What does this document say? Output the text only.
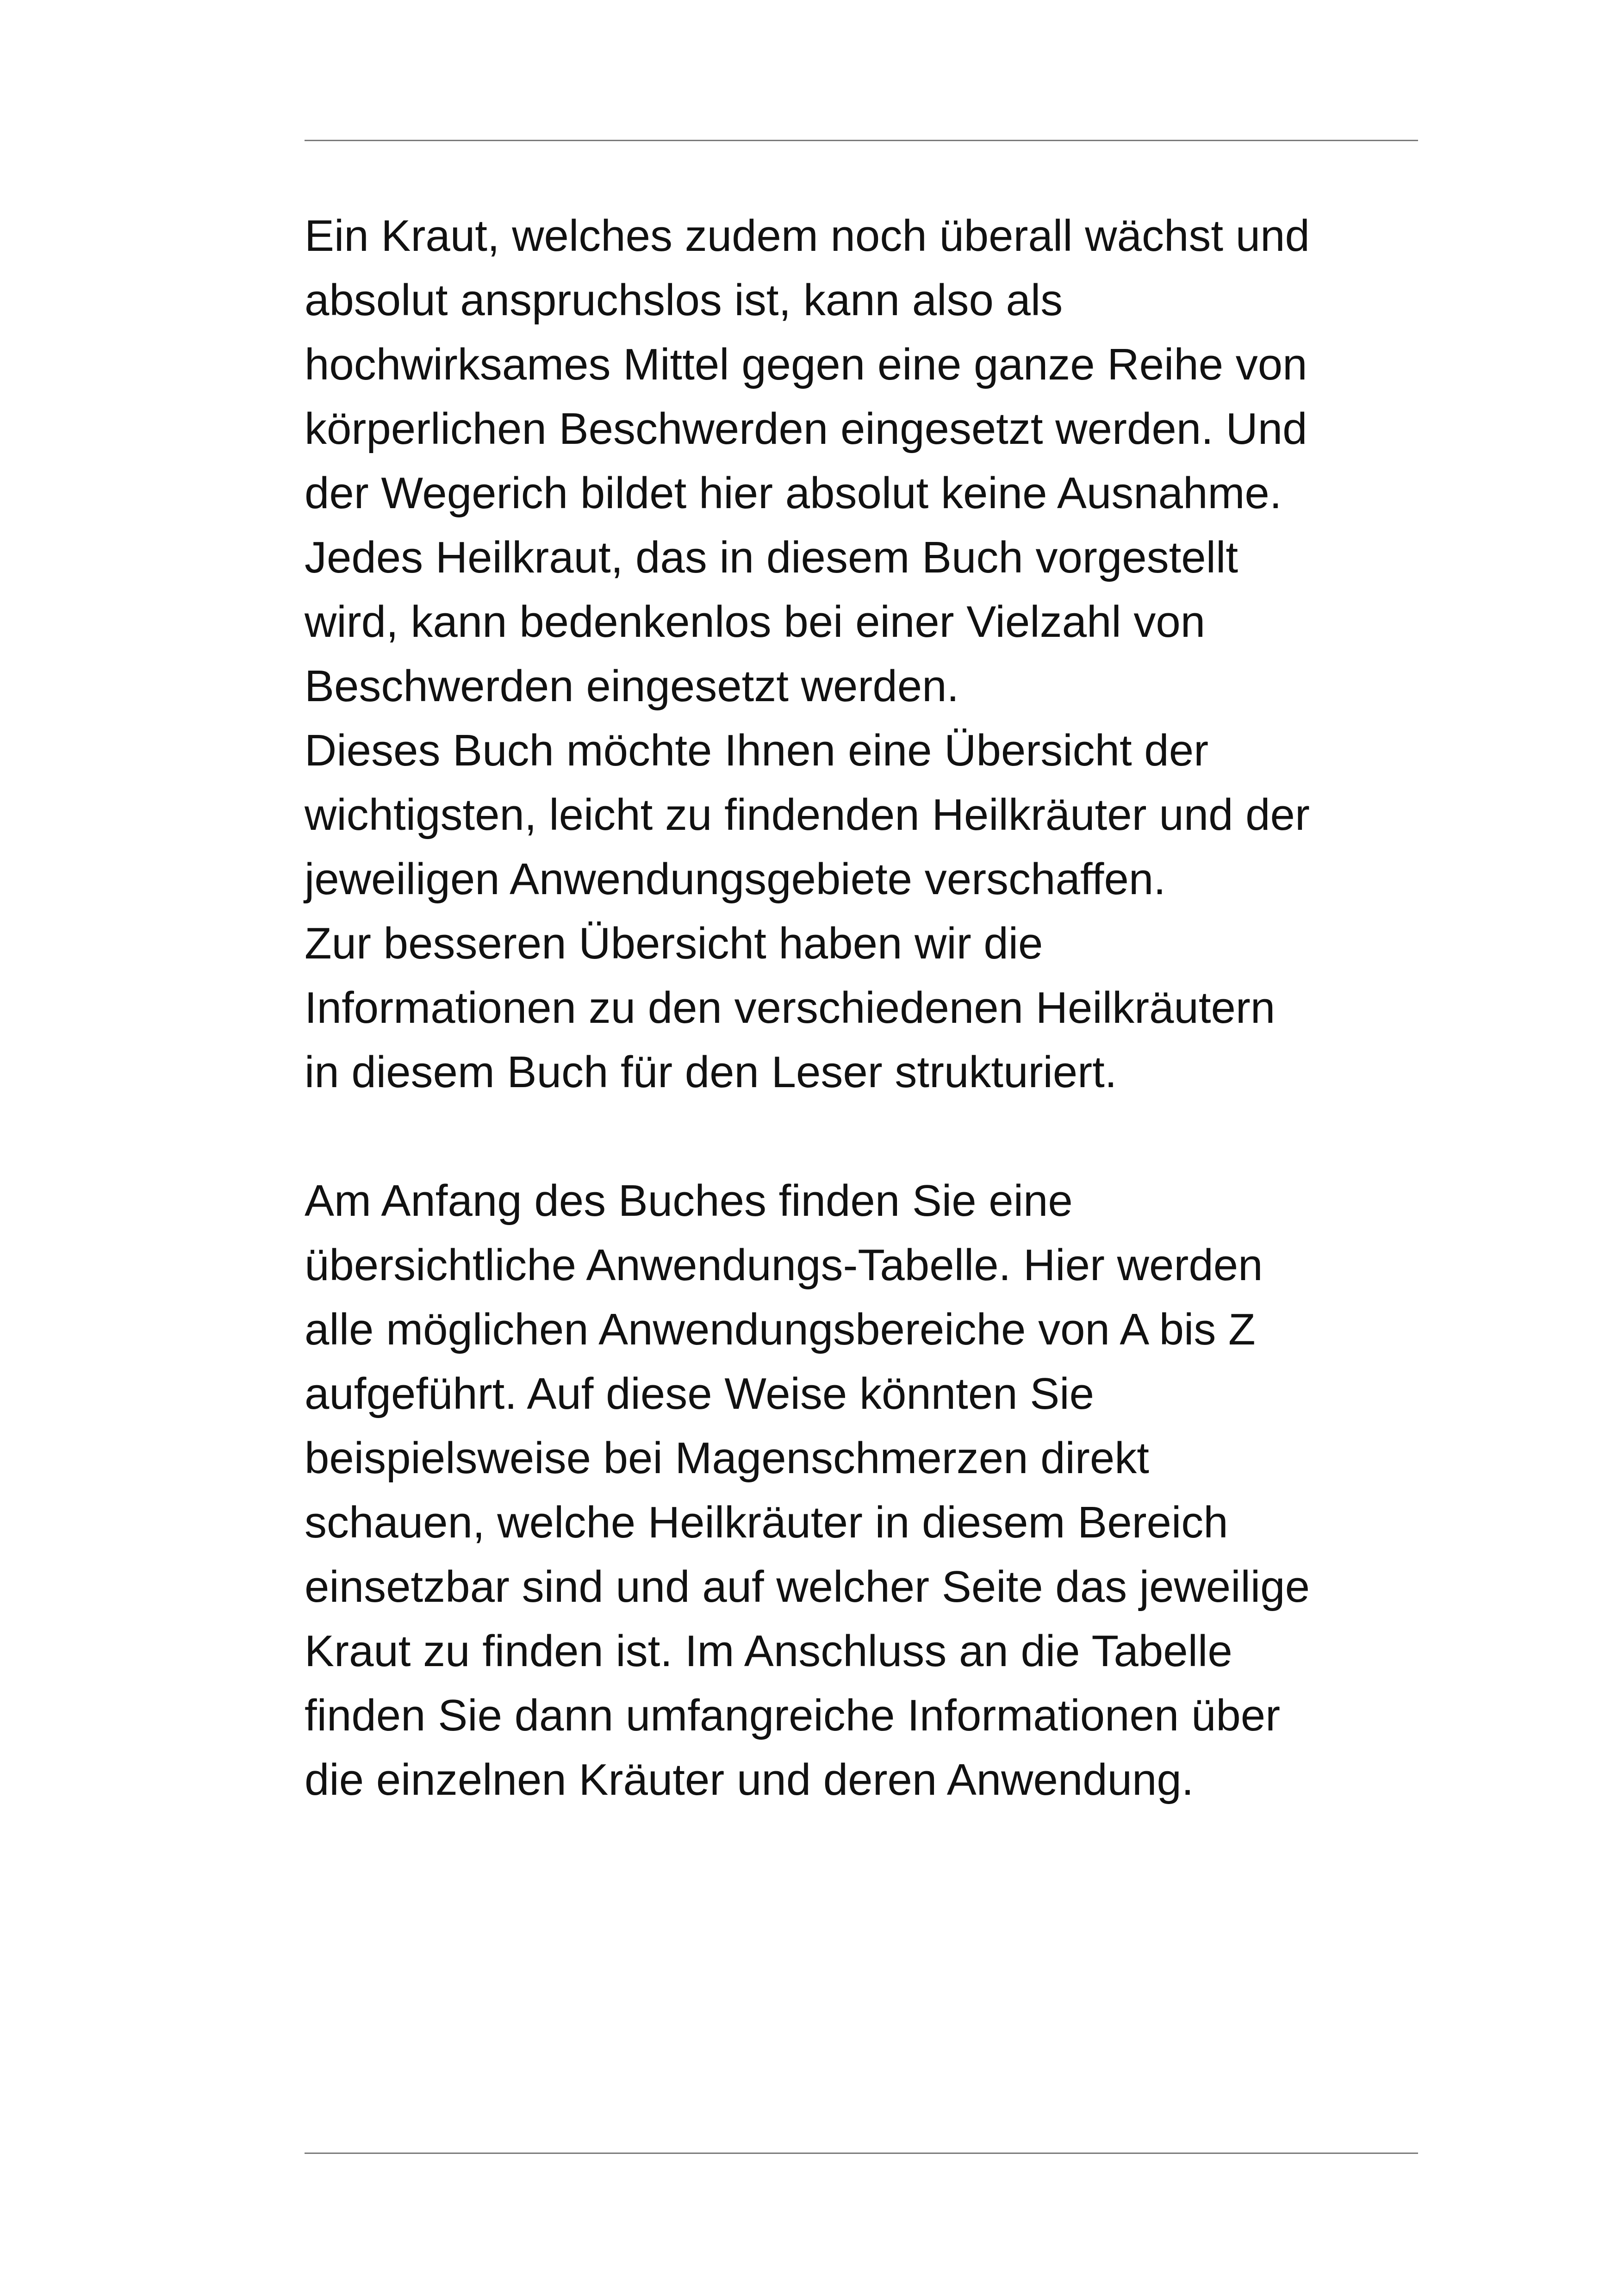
Ein Kraut, welches zudem noch überall wächst und
absolut anspruchslos ist, kann also als
hochwirksames Mittel gegen eine ganze Reihe von
körperlichen Beschwerden eingesetzt werden. Und
der Wegerich bildet hier absolut keine Ausnahme.
Jedes Heilkraut, das in diesem Buch vorgestellt
wird, kann bedenkenlos bei einer Vielzahl von
Beschwerden eingesetzt werden.
Dieses Buch möchte Ihnen eine Übersicht der
wichtigsten, leicht zu findenden Heilkräuter und der
jeweiligen Anwendungsgebiete verschaffen.
Zur besseren Übersicht haben wir die
Informationen zu den verschiedenen Heilkräutern
in diesem Buch für den Leser strukturiert.
Am Anfang des Buches finden Sie eine
übersichtliche Anwendungs-Tabelle. Hier werden
alle möglichen Anwendungsbereiche von A bis Z
aufgeführt. Auf diese Weise könnten Sie
beispielsweise bei Magenschmerzen direkt
schauen, welche Heilkräuter in diesem Bereich
einsetzbar sind und auf welcher Seite das jeweilige
Kraut zu finden ist. Im Anschluss an die Tabelle
finden Sie dann umfangreiche Informationen über
die einzelnen Kräuter und deren Anwendung.
